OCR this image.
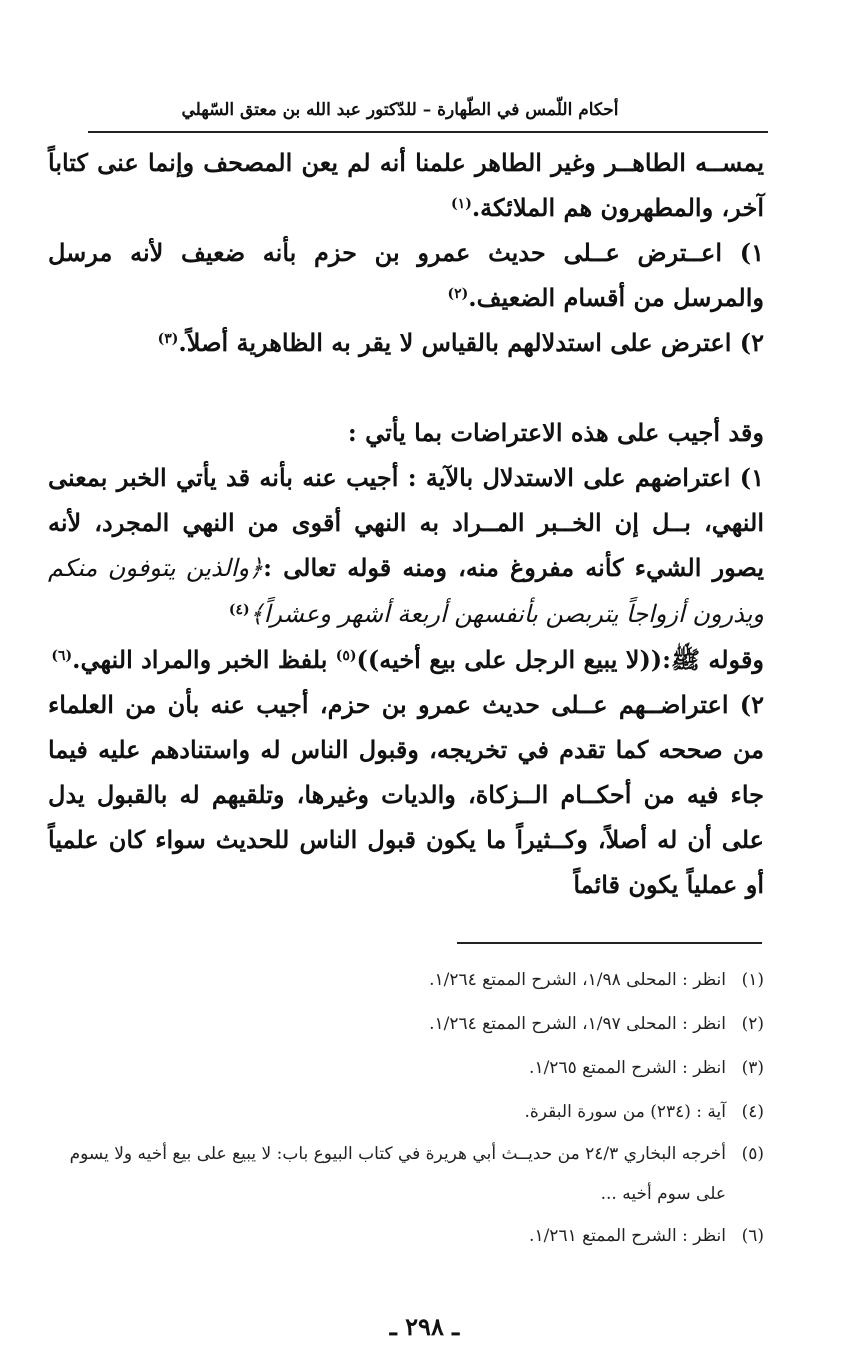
أحكام اللّمس في الطّهارة – للدّكتور عبد الله بن معتق السّهلي

يمســه الطاهــر وغير الطاهر علمنا أنه لم يعن المصحف وإنما عنى كتاباً آخر، والمطهرون هم الملائكة.$^{(١)}$

١) اعــترض عــلى حديث عمرو بن حزم بأنه ضعيف لأنه مرسل والمرسل من أقسام الضعيف.$^{(٢)}$

٢) اعترض على استدلالهم بالقياس لا يقر به الظاهرية أصلاً.$^{(٣)}$

وقد أجيب على هذه الاعتراضات بما يأتي :

١) اعتراضهم على الاستدلال بالآية : أجيب عنه بأنه قد يأتي الخبر بمعنى النهي، بــل إن الخــبر المــراد به النهي أقوى من النهي المجرد، لأنه يصور الشيء كأنه مفروغ منه، ومنه قوله تعالى :﴿والذين يتوفون منكم ويذرون أزواجاً يتربصن بأنفسهن أربعة أشهر وعشراً﴾$^{(٤)}$

وقوله ﷺ:((لا يبيع الرجل على بيع أخيه))$^{(٥)}$ بلفظ الخبر والمراد النهي.$^{(٦)}$

٢) اعتراضــهم عــلى حديث عمرو بن حزم، أجيب عنه بأن من العلماء من صححه كما تقدم في تخريجه، وقبول الناس له واستنادهم عليه فيما جاء فيه من أحكــام الــزكاة، والديات وغيرها، وتلقيهم له بالقبول يدل على أن له أصلاً، وكــثيراً ما يكون قبول الناس للحديث سواء كان علمياً أو عملياً يكون قائماً

(١)انظر : المحلى ١/٩٨، الشرح الممتع ١/٢٦٤.

(٢)انظر : المحلى ١/٩٧، الشرح الممتع ١/٢٦٤.

(٣)انظر : الشرح الممتع ١/٢٦٥.

(٤)آية : (٢٣٤) من سورة البقرة.

(٥)أخرجه البخاري ٢٤/٣ من حديــث أبي هريرة في كتاب البيوع باب: لا يبيع على بيع أخيه ولا يسوم على سوم أخيه ...

(٦)انظر : الشرح الممتع ١/٢٦١.

ـ ٢٩٨ ـ
